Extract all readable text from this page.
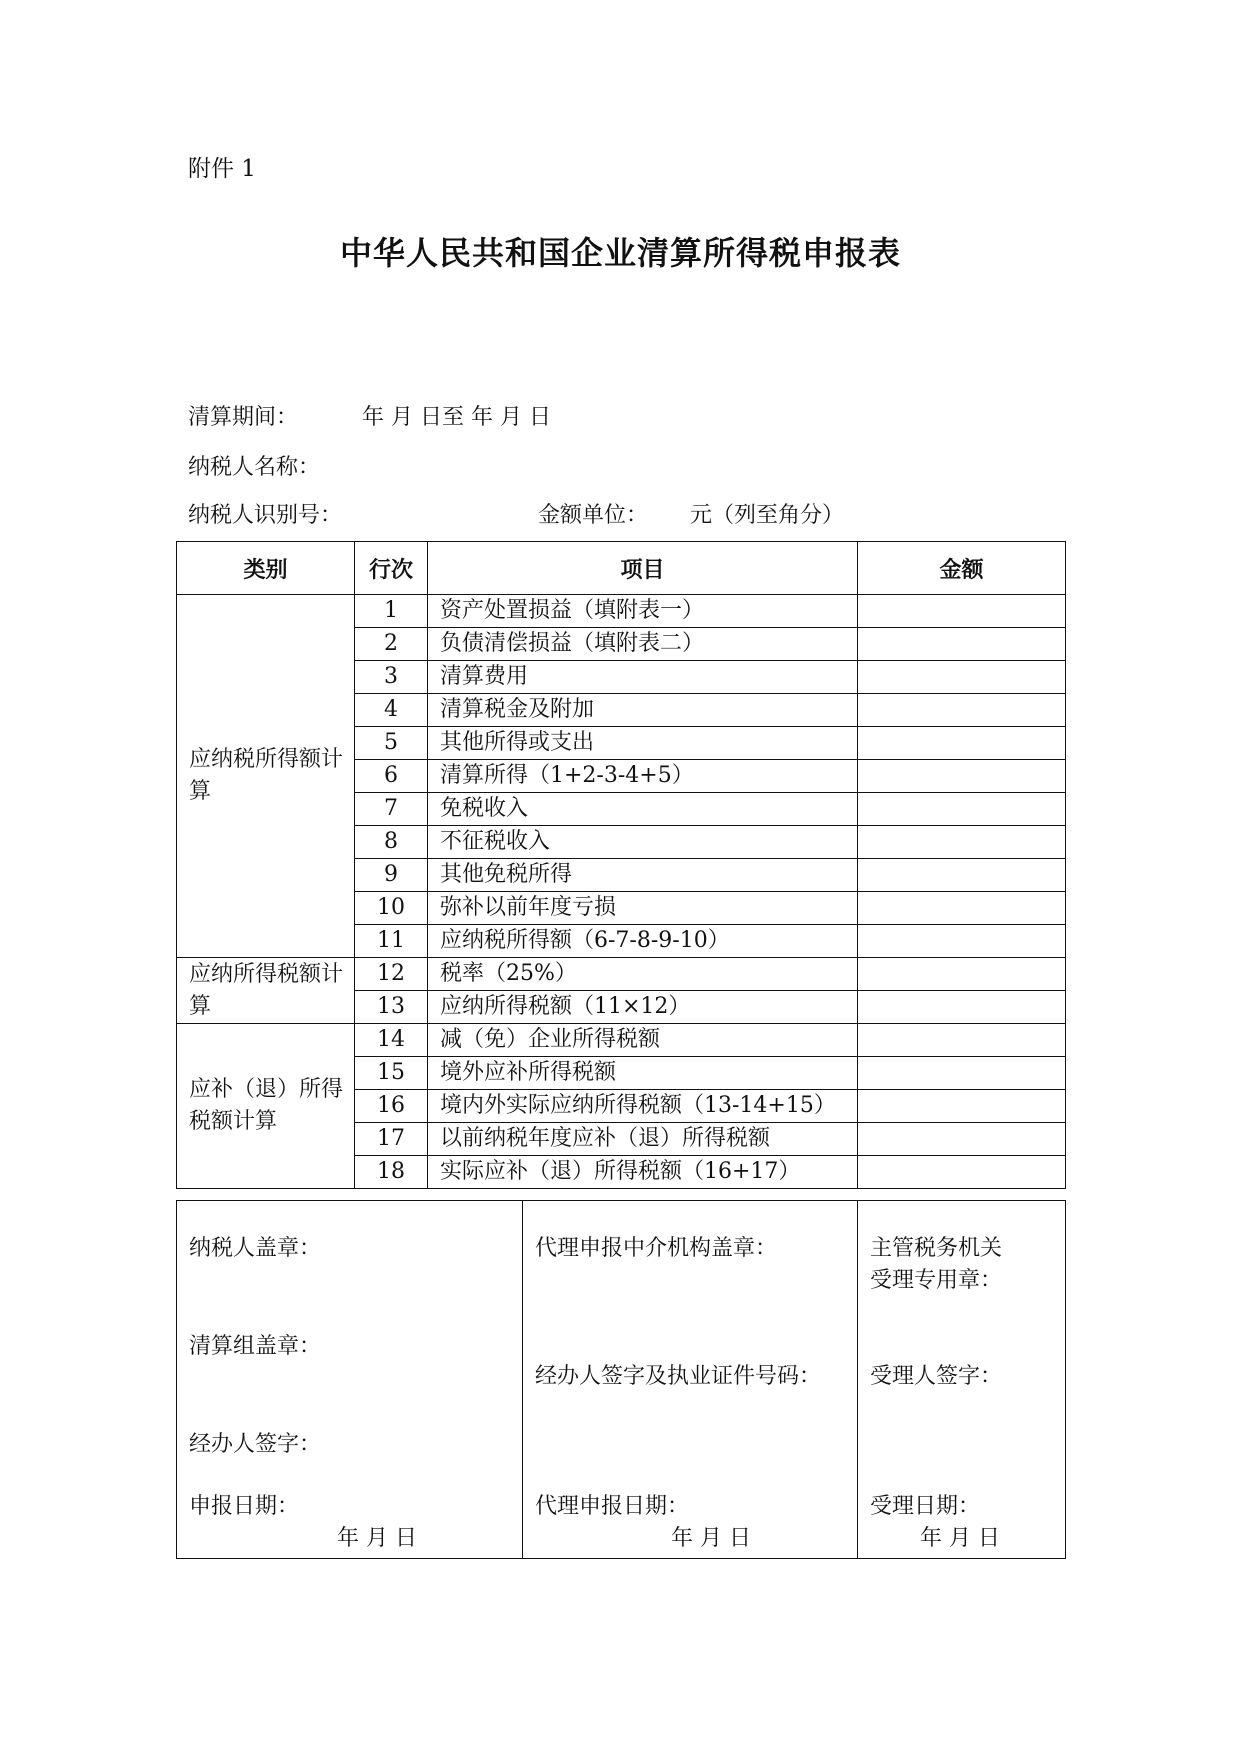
附件 1
中华人民共和国企业清算所得税申报表
清算期间：	年 月 日至 年 月 日
纳税人名称：
纳税人识别号：	金额单位： 元（列至角分）
类别	行次	项目	金额
应纳税所得额计算	1	资产处置损益（填附表一）	
	2	负债清偿损益（填附表二）	
	3	清算费用	
	4	清算税金及附加	
	5	其他所得或支出	
	6	清算所得（1+2-3-4+5）	
	7	免税收入	
	8	不征税收入	
	9	其他免税所得	
	10	弥补以前年度亏损	
	11	应纳税所得额（6-7-8-9-10）	
应纳所得税额计算	12	税率（25%）	
	13	应纳所得税额（11×12）	
应补（退）所得税额计算	14	减（免）企业所得税额	
	15	境外应补所得税额	
	16	境内外实际应纳所得税额（13-14+15）	
	17	以前纳税年度应补（退）所得税额	
	18	实际应补（退）所得税额（16+17）	
纳税人盖章：
清算组盖章：
经办人签字：
申报日期：
年 月 日

代理申报中介机构盖章：
经办人签字及执业证件号码：
代理申报日期：
年 月 日

主管税务机关
受理专用章：
受理人签字：
受理日期：
年 月 日
